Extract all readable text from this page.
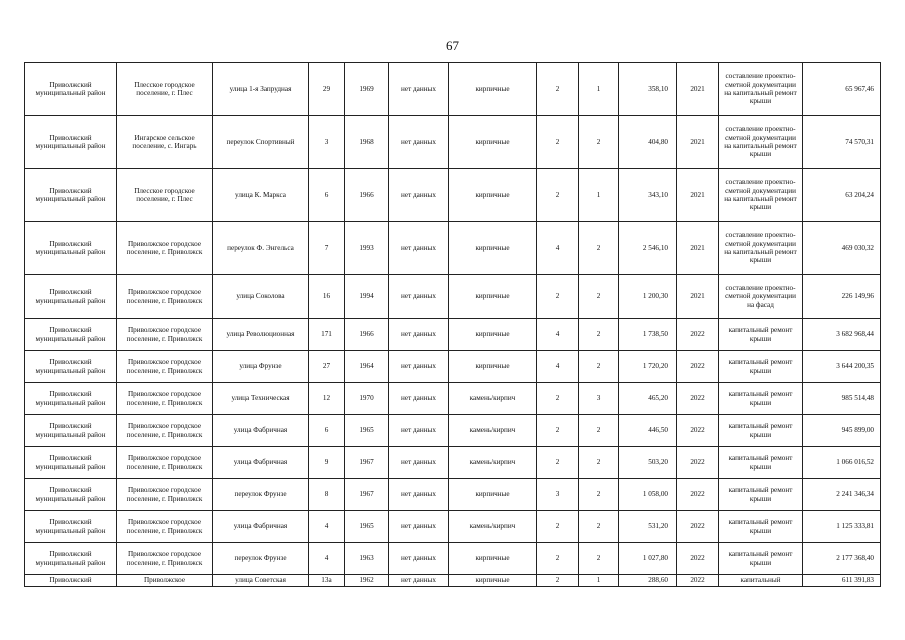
67
Приволжский муниципальный район	Плесское городское поселение, г. Плес	улица 1-я Запрудная	29	1969	нет данных	кирпичные	2	1	358,10	2021	составление проектно-сметной документации на капитальный ремонт крыши	65 967,46
Приволжский муниципальный район	Ингарское сельское поселение, с. Ингарь	переулок Спортивный	3	1968	нет данных	кирпичные	2	2	404,80	2021	составление проектно-сметной документации на капитальный ремонт крыши	74 570,31
Приволжский муниципальный район	Плесское городское поселение, г. Плес	улица К. Маркса	6	1966	нет данных	кирпичные	2	1	343,10	2021	составление проектно-сметной документации на капитальный ремонт крыши	63 204,24
Приволжский муниципальный район	Приволжское городское поселение, г. Приволжск	переулок Ф. Энгельса	7	1993	нет данных	кирпичные	4	2	2 546,10	2021	составление проектно-сметной документации на капитальный ремонт крыши	469 030,32
Приволжский муниципальный район	Приволжское городское поселение, г. Приволжск	улица Соколова	16	1994	нет данных	кирпичные	2	2	1 200,30	2021	составление проектно-сметной документации на фасад	226 149,96
Приволжский муниципальный район	Приволжское городское поселение, г. Приволжск	улица Революционная	171	1966	нет данных	кирпичные	4	2	1 738,50	2022	капитальный ремонт крыши	3 682 968,44
Приволжский муниципальный район	Приволжское городское поселение, г. Приволжск	улица Фрунзе	27	1964	нет данных	кирпичные	4	2	1 720,20	2022	капитальный ремонт крыши	3 644 200,35
Приволжский муниципальный район	Приволжское городское поселение, г. Приволжск	улица Техническая	12	1970	нет данных	камень/кирпич	2	3	465,20	2022	капитальный ремонт крыши	985 514,48
Приволжский муниципальный район	Приволжское городское поселение, г. Приволжск	улица Фабричная	6	1965	нет данных	камень/кирпич	2	2	446,50	2022	капитальный ремонт крыши	945 899,00
Приволжский муниципальный район	Приволжское городское поселение, г. Приволжск	улица Фабричная	9	1967	нет данных	камень/кирпич	2	2	503,20	2022	капитальный ремонт крыши	1 066 016,52
Приволжский муниципальный район	Приволжское городское поселение, г. Приволжск	переулок Фрунзе	8	1967	нет данных	кирпичные	3	2	1 058,00	2022	капитальный ремонт крыши	2 241 346,34
Приволжский муниципальный район	Приволжское городское поселение, г. Приволжск	улица Фабричная	4	1965	нет данных	камень/кирпич	2	2	531,20	2022	капитальный ремонт крыши	1 125 333,81
Приволжский муниципальный район	Приволжское городское поселение, г. Приволжск	переулок Фрунзе	4	1963	нет данных	кирпичные	2	2	1 027,80	2022	капитальный ремонт крыши	2 177 368,40
Приволжский	Приволжское	улица Советская	13а	1962	нет данных	кирпичные	2	1	288,60	2022	капитальный	611 391,83
